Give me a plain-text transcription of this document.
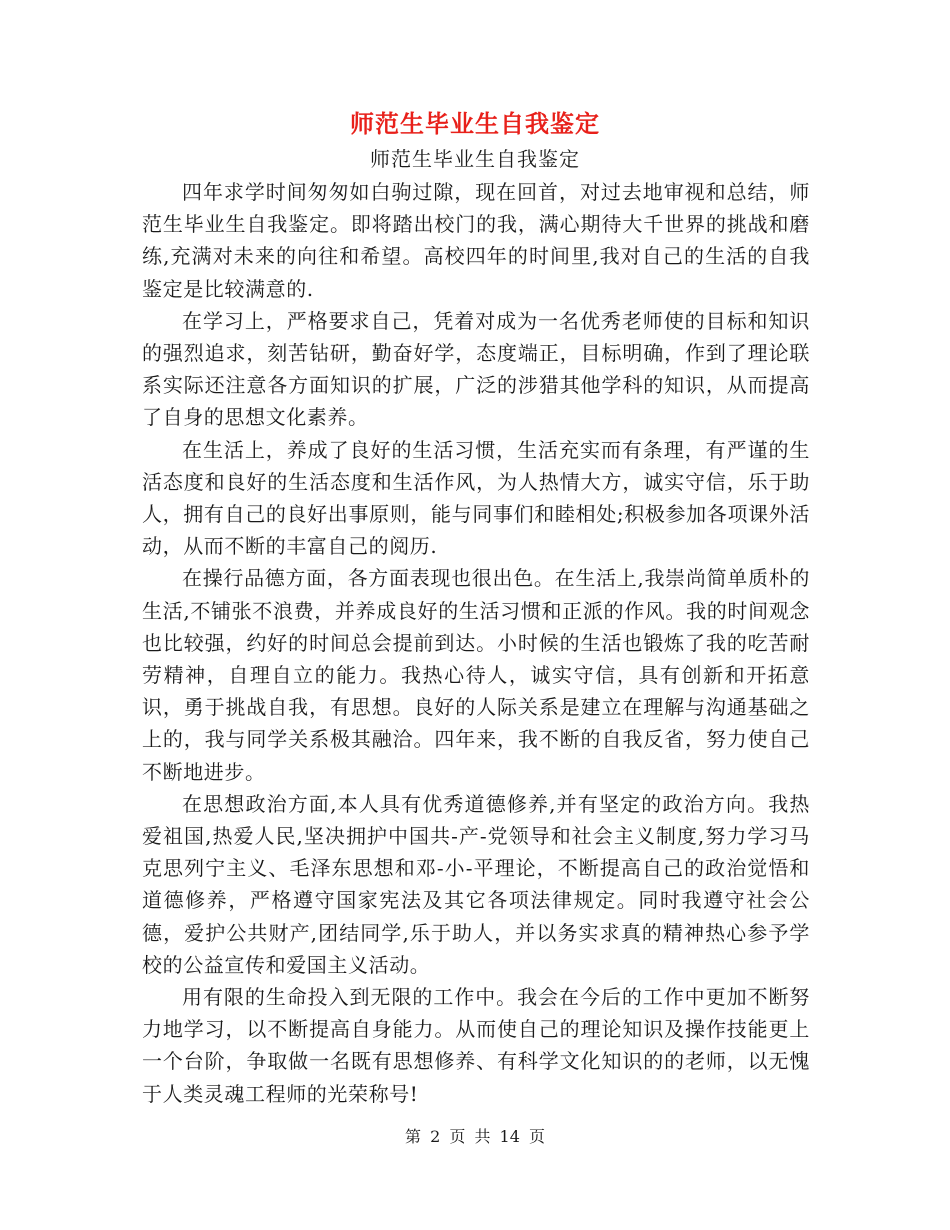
师范生毕业生自我鉴定
师范生毕业生自我鉴定

四年求学时间匆匆如白驹过隙，现在回首，对过去地审视和总结，师范生毕业生自我鉴定。即将踏出校门的我，满心期待大千世界的挑战和磨练,充满对未来的向往和希望。高校四年的时间里,我对自己的生活的自我鉴定是比较满意的.

在学习上，严格要求自己，凭着对成为一名优秀老师使的目标和知识的强烈追求，刻苦钻研，勤奋好学，态度端正，目标明确，作到了理论联系实际还注意各方面知识的扩展，广泛的涉猎其他学科的知识，从而提高了自身的思想文化素养。

在生活上，养成了良好的生活习惯，生活充实而有条理，有严谨的生活态度和良好的生活态度和生活作风，为人热情大方，诚实守信，乐于助人，拥有自己的良好出事原则，能与同事们和睦相处;积极参加各项课外活动，从而不断的丰富自己的阅历.

在操行品德方面，各方面表现也很出色。在生活上,我崇尚简单质朴的生活,不铺张不浪费，并养成良好的生活习惯和正派的作风。我的时间观念也比较强，约好的时间总会提前到达。小时候的生活也锻炼了我的吃苦耐劳精神，自理自立的能力。我热心待人，诚实守信，具有创新和开拓意识，勇于挑战自我，有思想。良好的人际关系是建立在理解与沟通基础之上的，我与同学关系极其融洽。四年来，我不断的自我反省，努力使自己不断地进步。

在思想政治方面,本人具有优秀道德修养,并有坚定的政治方向。我热爱祖国,热爱人民,坚决拥护中国共-产-党领导和社会主义制度,努力学习马克思列宁主义、毛泽东思想和邓-小-平理论，不断提高自己的政治觉悟和道德修养，严格遵守国家宪法及其它各项法律规定。同时我遵守社会公德，爱护公共财产,团结同学,乐于助人，并以务实求真的精神热心参予学校的公益宣传和爱国主义活动。

用有限的生命投入到无限的工作中。我会在今后的工作中更加不断努力地学习，以不断提高自身能力。从而使自己的理论知识及操作技能更上一个台阶，争取做一名既有思想修养、有科学文化知识的的老师，以无愧于人类灵魂工程师的光荣称号!

第 2 页 共 14 页
